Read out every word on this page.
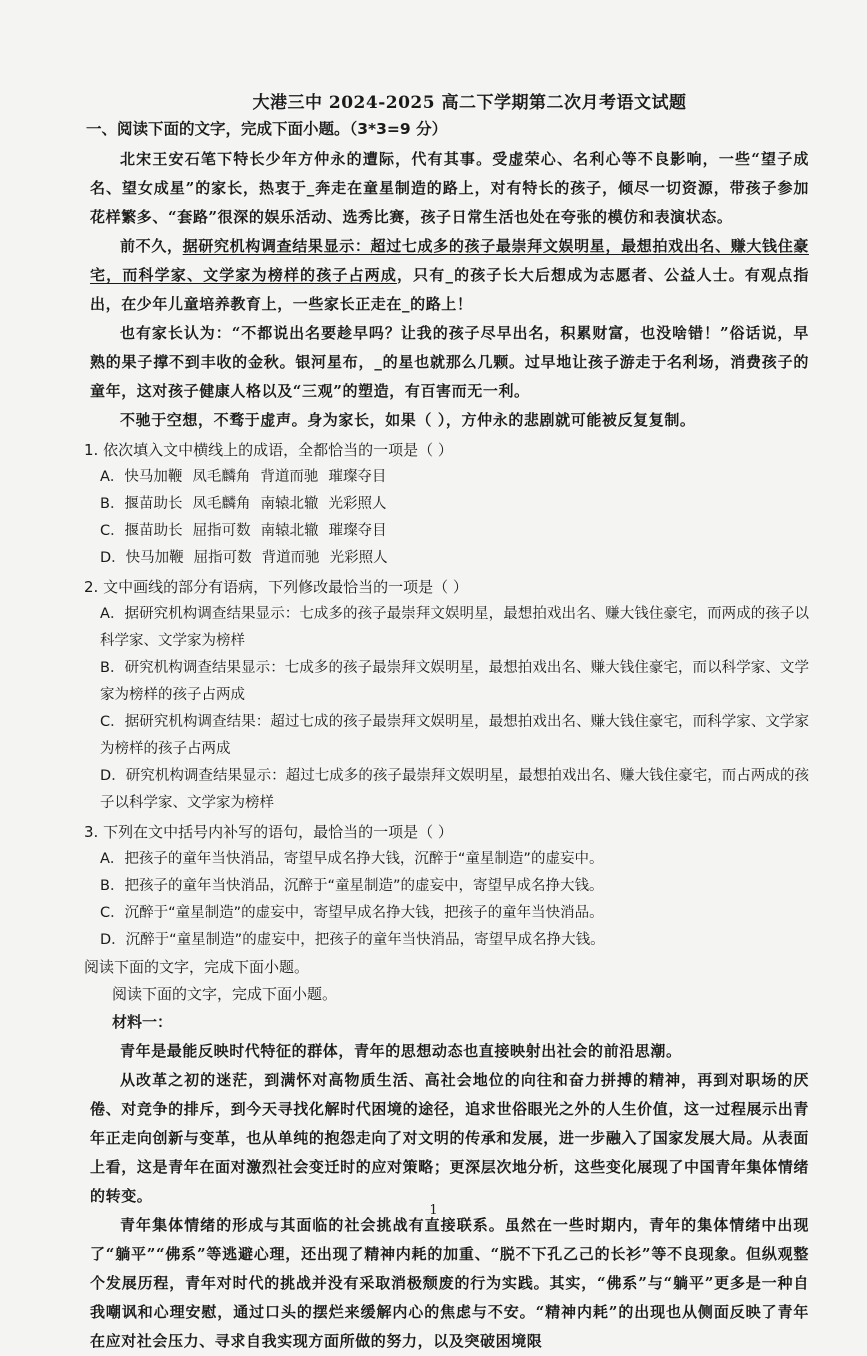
大港三中 2024-2025 高二下学期第二次月考语文试题
一、阅读下面的文字，完成下面小题。（3*3=9 分）

北宋王安石笔下特长少年方仲永的遭际，代有其事。受虚荣心、名利心等不良影响，一些“望子成名、望女成星”的家长，热衷于_奔走在童星制造的路上，对有特长的孩子，倾尽一切资源，带孩子参加花样繁多、“套路”很深的娱乐活动、选秀比赛，孩子日常生活也处在夸张的模仿和表演状态。

前不久，据研究机构调查结果显示：超过七成多的孩子最崇拜文娱明星，最想拍戏出名、赚大钱住豪宅，而科学家、文学家为榜样的孩子占两成，只有_的孩子长大后想成为志愿者、公益人士。有观点指出，在少年儿童培养教育上，一些家长正走在_的路上！

也有家长认为：“不都说出名要趁早吗？让我的孩子尽早出名，积累财富，也没啥错！”俗话说，早熟的果子撑不到丰收的金秋。银河星布，_的星也就那么几颗。过早地让孩子游走于名利场，消费孩子的童年，这对孩子健康人格以及“三观”的塑造，有百害而无一利。

不驰于空想，不骛于虚声。身为家长，如果（ ），方仲永的悲剧就可能被反复复制。

1. 依次填入文中横线上的成语，全都恰当的一项是（ ）
A．快马加鞭 凤毛麟角 背道而驰 璀璨夺目
B．揠苗助长 凤毛麟角 南辕北辙 光彩照人
C．揠苗助长 屈指可数 南辕北辙 璀璨夺目
D．快马加鞭 屈指可数 背道而驰 光彩照人
2. 文中画线的部分有语病，下列修改最恰当的一项是（ ）
A．据研究机构调查结果显示：七成多的孩子最崇拜文娱明星，最想拍戏出名、赚大钱住豪宅，而两成的孩子以科学家、文学家为榜样
B．研究机构调查结果显示：七成多的孩子最崇拜文娱明星，最想拍戏出名、赚大钱住豪宅，而以科学家、文学家为榜样的孩子占两成
C．据研究机构调查结果：超过七成的孩子最崇拜文娱明星，最想拍戏出名、赚大钱住豪宅，而科学家、文学家为榜样的孩子占两成
D．研究机构调查结果显示：超过七成多的孩子最崇拜文娱明星，最想拍戏出名、赚大钱住豪宅，而占两成的孩子以科学家、文学家为榜样
3. 下列在文中括号内补写的语句，最恰当的一项是（ ）
A．把孩子的童年当快消品，寄望早成名挣大钱，沉醉于“童星制造”的虚妄中。
B．把孩子的童年当快消品，沉醉于“童星制造”的虚妄中，寄望早成名挣大钱。
C．沉醉于“童星制造”的虚妄中，寄望早成名挣大钱，把孩子的童年当快消品。
D．沉醉于“童星制造”的虚妄中，把孩子的童年当快消品，寄望早成名挣大钱。
阅读下面的文字，完成下面小题。
阅读下面的文字，完成下面小题。
材料一：

青年是最能反映时代特征的群体，青年的思想动态也直接映射出社会的前沿思潮。

从改革之初的迷茫，到满怀对高物质生活、高社会地位的向往和奋力拼搏的精神，再到对职场的厌倦、对竞争的排斥，到今天寻找化解时代困境的途径，追求世俗眼光之外的人生价值，这一过程展示出青年正走向创新与变革，也从单纯的抱怨走向了对文明的传承和发展，进一步融入了国家发展大局。从表面上看，这是青年在面对激烈社会变迁时的应对策略；更深层次地分析，这些变化展现了中国青年集体情绪的转变。

青年集体情绪的形成与其面临的社会挑战有直接联系。虽然在一些时期内，青年的集体情绪中出现了“躺平”“佛系”等逃避心理，还出现了精神内耗的加重、“脱不下孔乙己的长衫”等不良现象。但纵观整个发展历程，青年对时代的挑战并没有采取消极颓废的行为实践。其实，“佛系”与“躺平”更多是一种自我嘲讽和心理安慰，通过口头的摆烂来缓解内心的焦虑与不安。“精神内耗”的出现也从侧面反映了青年在应对社会压力、寻求自我实现方面所做的努力，以及突破困境限

1
